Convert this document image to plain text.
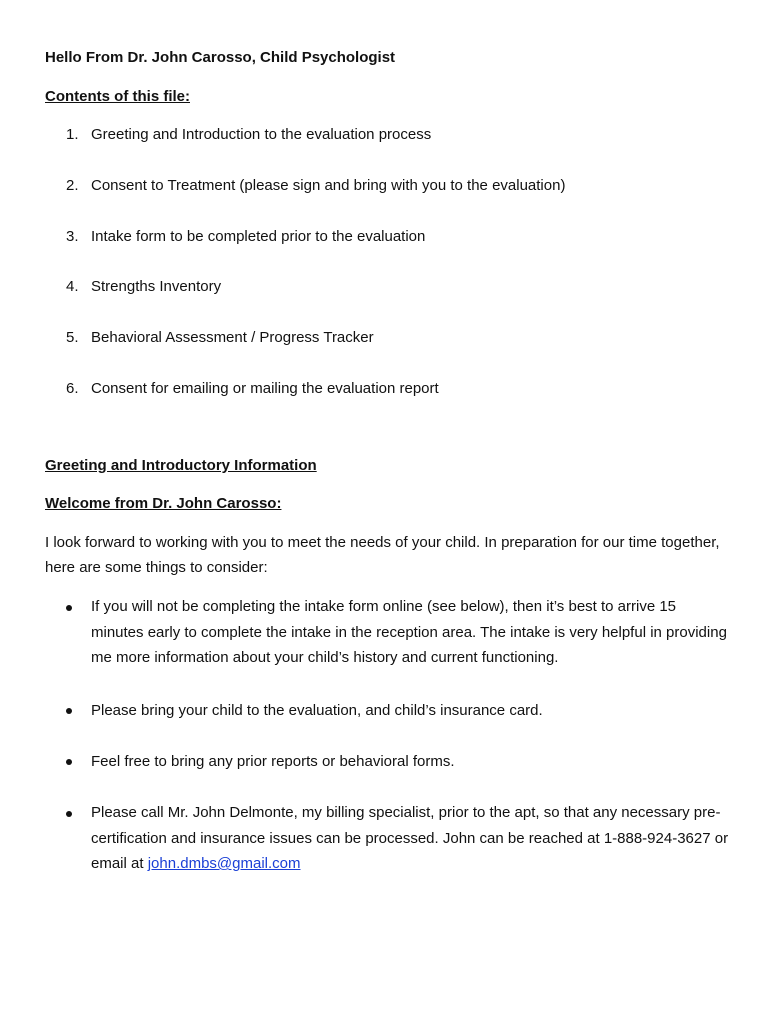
Hello From Dr. John Carosso, Child Psychologist
Contents of this file:
1. Greeting and Introduction to the evaluation process
2. Consent to Treatment (please sign and bring with you to the evaluation)
3. Intake form to be completed prior to the evaluation
4. Strengths Inventory
5. Behavioral Assessment / Progress Tracker
6. Consent for emailing or mailing the evaluation report
Greeting and Introductory Information
Welcome from Dr. John Carosso:
I look forward to working with you to meet the needs of your child. In preparation for our time together, here are some things to consider:
If you will not be completing the intake form online (see below), then it’s best to arrive 15 minutes early to complete the intake in the reception area. The intake is very helpful in providing me more information about your child’s history and current functioning.
Please bring your child to the evaluation, and child’s insurance card.
Feel free to bring any prior reports or behavioral forms.
Please call Mr. John Delmonte, my billing specialist, prior to the apt, so that any necessary pre-certification and insurance issues can be processed. John can be reached at 1-888-924-3627 or email at john.dmbs@gmail.com
